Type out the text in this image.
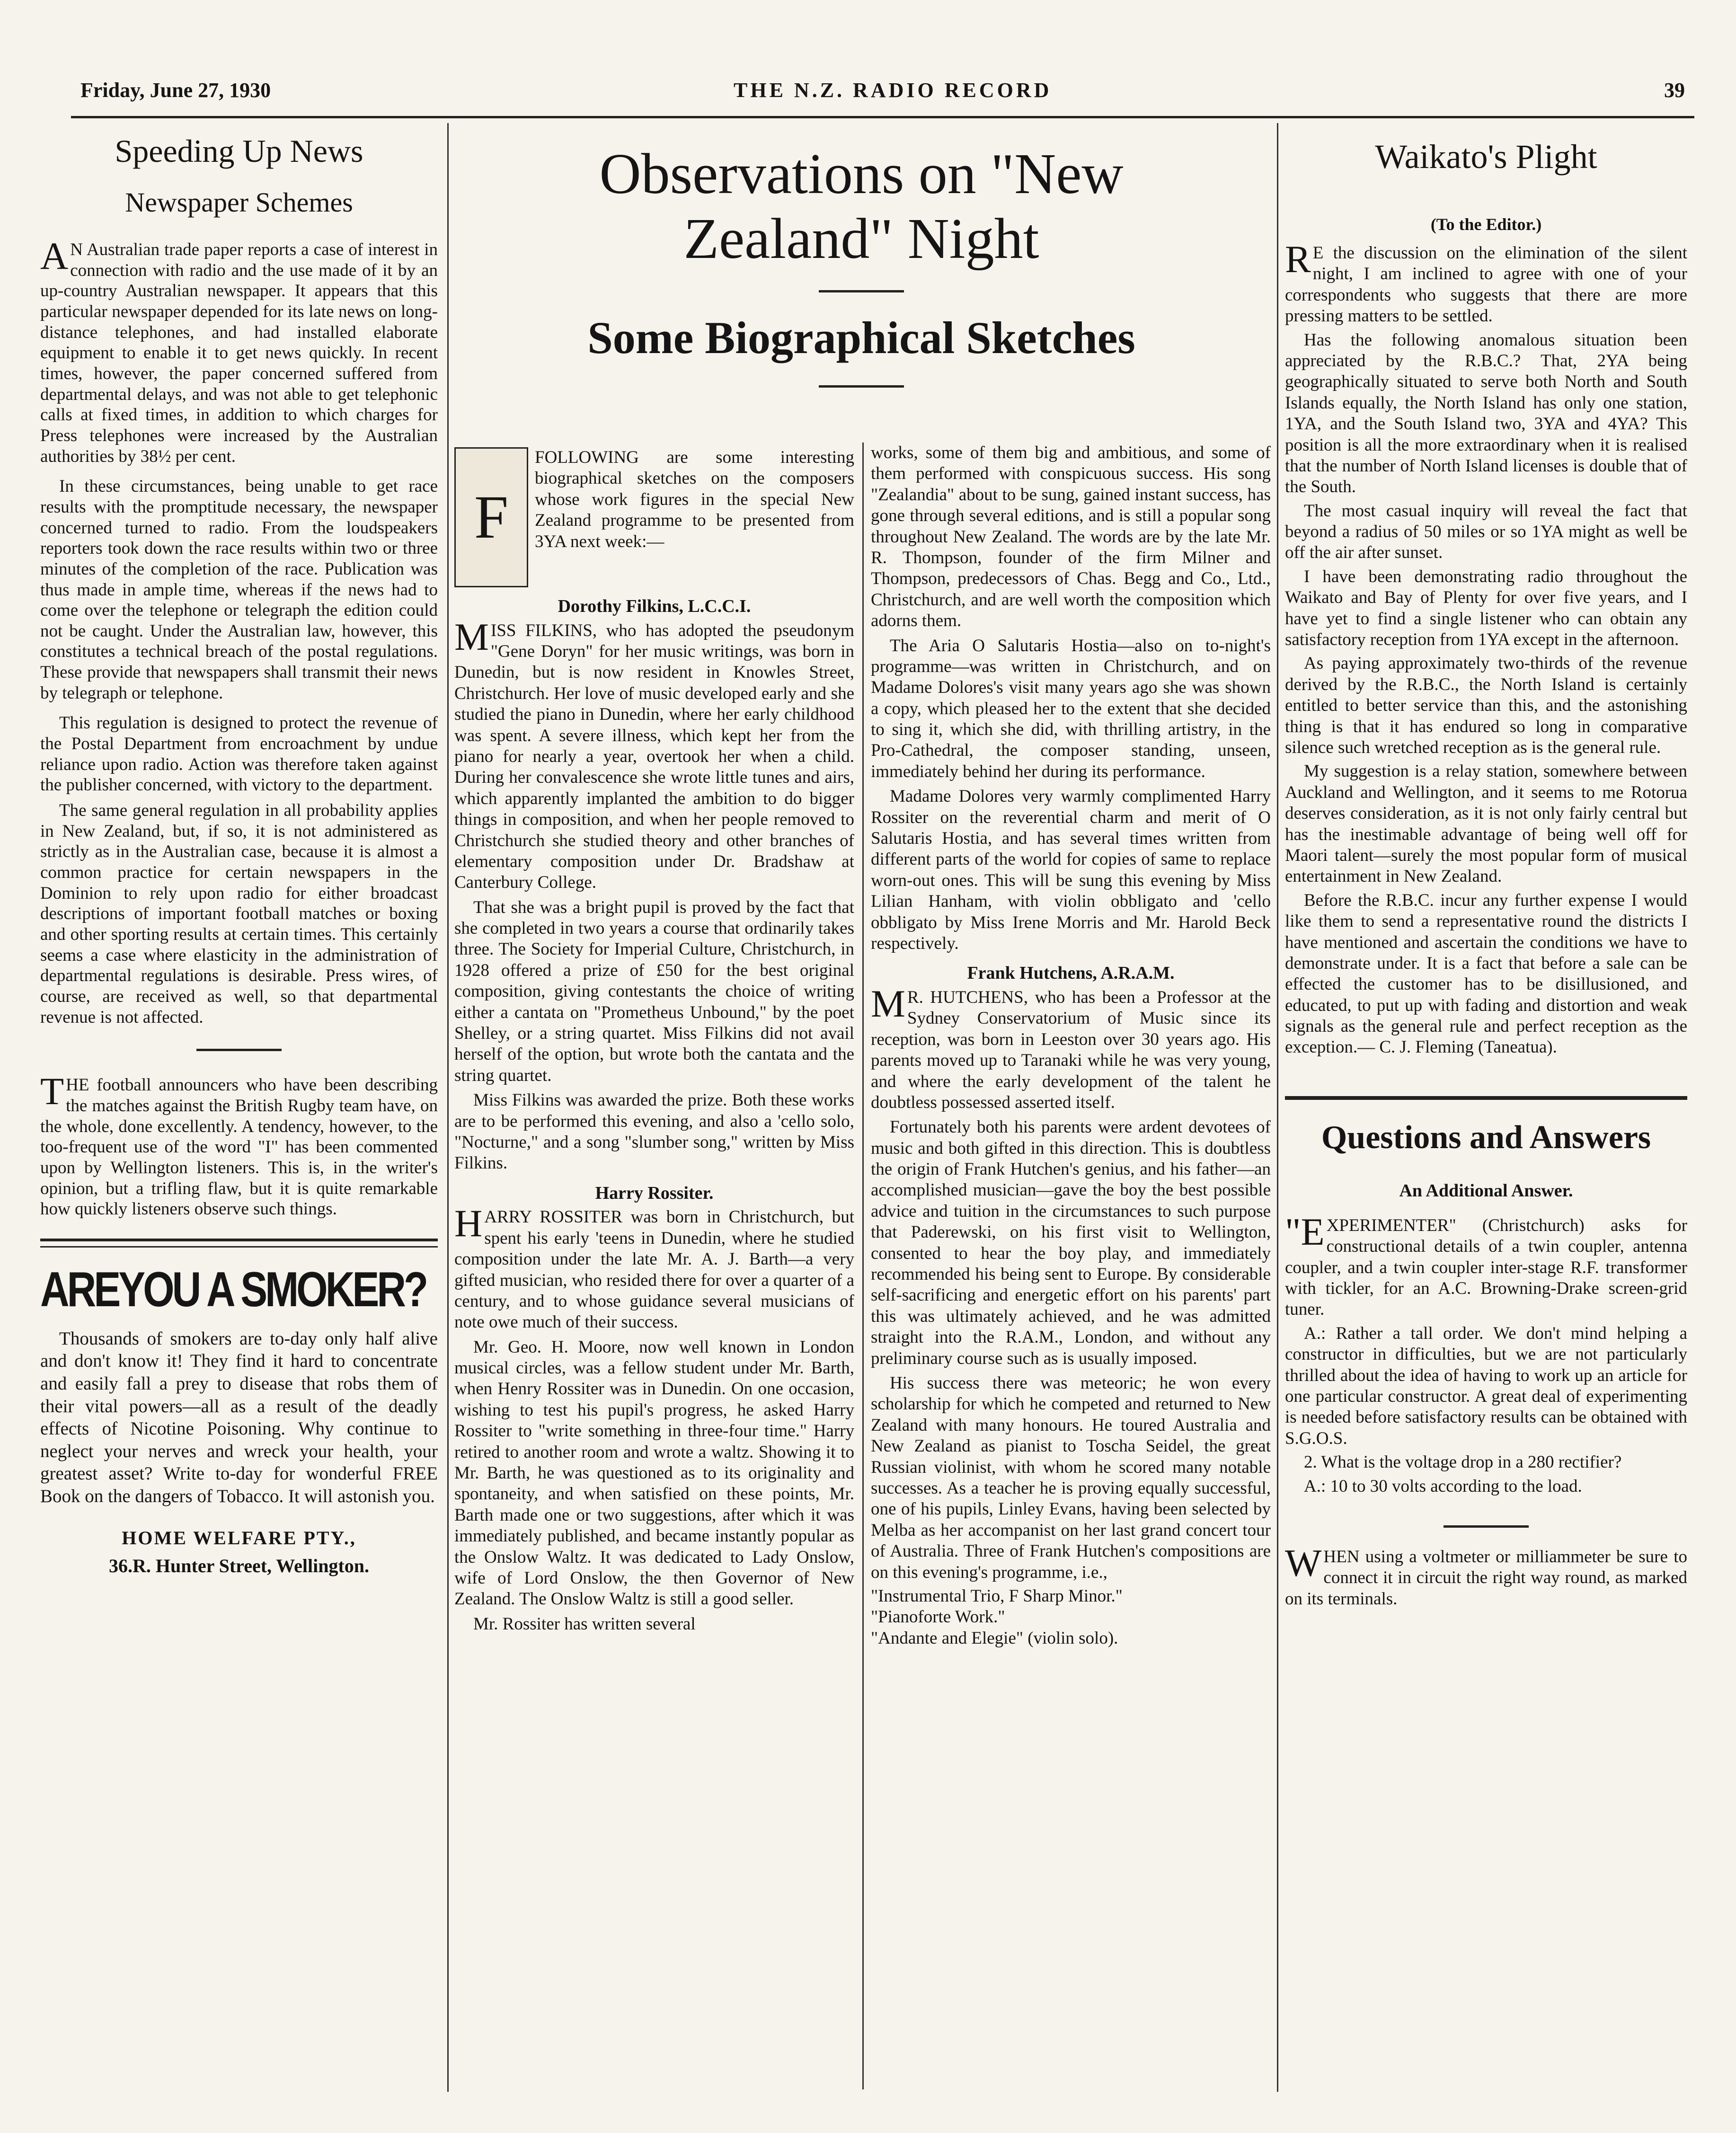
Friday, June 27, 1930	THE N.Z. RADIO RECORD	39
Speeding Up News
Newspaper Schemes

AN Australian trade paper reports a case of interest in connection with radio and the use made of it by an up-country Australian newspaper. It appears that this particular newspaper depended for its late news on long-distance telephones, and had installed elaborate equipment to enable it to get news quickly. In recent times, however, the paper concerned suffered from departmental delays, and was not able to get telephonic calls at fixed times, in addition to which charges for Press telephones were increased by the Australian authorities by 38½ per cent.

In these circumstances, being unable to get race results with the promptitude necessary, the newspaper concerned turned to radio. From the loudspeakers reporters took down the race results within two or three minutes of the completion of the race. Publication was thus made in ample time, whereas if the news had to come over the telephone or telegraph the edition could not be caught. Under the Australian law, however, this constitutes a technical breach of the postal regulations. These provide that newspapers shall transmit their news by telegraph or telephone.

This regulation is designed to protect the revenue of the Postal Department from encroachment by undue reliance upon radio. Action was therefore taken against the publisher concerned, with victory to the department.

The same general regulation in all probability applies in New Zealand, but, if so, it is not administered as strictly as in the Australian case, because it is almost a common practice for certain newspapers in the Dominion to rely upon radio for either broadcast descriptions of important football matches or boxing and other sporting results at certain times. This certainly seems a case where elasticity in the administration of departmental regulations is desirable. Press wires, of course, are received as well, so that departmental revenue is not affected.

THE football announcers who have been describing the matches against the British Rugby team have, on the whole, done excellently. A tendency, however, to the too-frequent use of the word "I" has been commented upon by Wellington listeners. This is, in the writer's opinion, but a trifling flaw, but it is quite remarkable how quickly listeners observe such things.

AREYOU A SMOKER?

Thousands of smokers are to-day only half alive and don't know it! They find it hard to concentrate and easily fall a prey to disease that robs them of their vital powers—all as a result of the deadly effects of Nicotine Poisoning. Why continue to neglect your nerves and wreck your health, your greatest asset? Write to-day for wonderful FREE Book on the dangers of Tobacco. It will astonish you.

HOME WELFARE PTY.,
36.R. Hunter Street, Wellington.
Observations on "New
Zealand" Night
Some Biographical Sketches
F

FOLLOWING are some interesting biographical sketches on the composers whose work figures in the special New Zealand programme to be presented from 3YA next week:—

Dorothy Filkins, L.C.C.I.

MISS FILKINS, who has adopted the pseudonym "Gene Doryn" for her music writings, was born in Dunedin, but is now resident in Knowles Street, Christchurch. Her love of music developed early and she studied the piano in Dunedin, where her early childhood was spent. A severe illness, which kept her from the piano for nearly a year, overtook her when a child. During her convalescence she wrote little tunes and airs, which apparently implanted the ambition to do bigger things in composition, and when her people removed to Christchurch she studied theory and other branches of elementary composition under Dr. Bradshaw at Canterbury College.

That she was a bright pupil is proved by the fact that she completed in two years a course that ordinarily takes three. The Society for Imperial Culture, Christchurch, in 1928 offered a prize of £50 for the best original composition, giving contestants the choice of writing either a cantata on "Prometheus Unbound," by the poet Shelley, or a string quartet. Miss Filkins did not avail herself of the option, but wrote both the cantata and the string quartet.

Miss Filkins was awarded the prize. Both these works are to be performed this evening, and also a 'cello solo, "Nocturne," and a song "slumber song," written by Miss Filkins.

Harry Rossiter.

HARRY ROSSITER was born in Christchurch, but spent his early 'teens in Dunedin, where he studied composition under the late Mr. A. J. Barth—a very gifted musician, who resided there for over a quarter of a century, and to whose guidance several musicians of note owe much of their success.

Mr. Geo. H. Moore, now well known in London musical circles, was a fellow student under Mr. Barth, when Henry Rossiter was in Dunedin. On one occasion, wishing to test his pupil's progress, he asked Harry Rossiter to "write something in three-four time." Harry retired to another room and wrote a waltz. Showing it to Mr. Barth, he was questioned as to its originality and spontaneity, and when satisfied on these points, Mr. Barth made one or two suggestions, after which it was immediately published, and became instantly popular as the Onslow Waltz. It was dedicated to Lady Onslow, wife of Lord Onslow, the then Governor of New Zealand. The Onslow Waltz is still a good seller.

Mr. Rossiter has written several

works, some of them big and ambitious, and some of them performed with conspicuous success. His song "Zealandia" about to be sung, gained instant success, has gone through several editions, and is still a popular song throughout New Zealand. The words are by the late Mr. R. Thompson, founder of the firm Milner and Thompson, predecessors of Chas. Begg and Co., Ltd., Christchurch, and are well worth the composition which adorns them.

The Aria O Salutaris Hostia—also on to-night's programme—was written in Christchurch, and on Madame Dolores's visit many years ago she was shown a copy, which pleased her to the extent that she decided to sing it, which she did, with thrilling artistry, in the Pro-Cathedral, the composer standing, unseen, immediately behind her during its performance.

Madame Dolores very warmly complimented Harry Rossiter on the reverential charm and merit of O Salutaris Hostia, and has several times written from different parts of the world for copies of same to replace worn-out ones. This will be sung this evening by Miss Lilian Hanham, with violin obbligato and 'cello obbligato by Miss Irene Morris and Mr. Harold Beck respectively.

Frank Hutchens, A.R.A.M.

MR. HUTCHENS, who has been a Professor at the Sydney Conservatorium of Music since its reception, was born in Leeston over 30 years ago. His parents moved up to Taranaki while he was very young, and where the early development of the talent he doubtless possessed asserted itself.

Fortunately both his parents were ardent devotees of music and both gifted in this direction. This is doubtless the origin of Frank Hutchen's genius, and his father—an accomplished musician—gave the boy the best possible advice and tuition in the circumstances to such purpose that Paderewski, on his first visit to Wellington, consented to hear the boy play, and immediately recommended his being sent to Europe. By considerable self-sacrificing and energetic effort on his parents' part this was ultimately achieved, and he was admitted straight into the R.A.M., London, and without any preliminary course such as is usually imposed.

His success there was meteoric; he won every scholarship for which he competed and returned to New Zealand with many honours. He toured Australia and New Zealand as pianist to Toscha Seidel, the great Russian violinist, with whom he scored many notable successes. As a teacher he is proving equally successful, one of his pupils, Linley Evans, having been selected by Melba as her accompanist on her last grand concert tour of Australia. Three of Frank Hutchen's compositions are on this evening's programme, i.e.,

"Instrumental Trio, F Sharp Minor."
"Pianoforte Work."
"Andante and Elegie" (violin solo).
Waikato's Plight
(To the Editor.)

RE the discussion on the elimination of the silent night, I am inclined to agree with one of your correspondents who suggests that there are more pressing matters to be settled.

Has the following anomalous situation been appreciated by the R.B.C.? That, 2YA being geographically situated to serve both North and South Islands equally, the North Island has only one station, 1YA, and the South Island two, 3YA and 4YA? This position is all the more extraordinary when it is realised that the number of North Island licenses is double that of the South.

The most casual inquiry will reveal the fact that beyond a radius of 50 miles or so 1YA might as well be off the air after sunset.

I have been demonstrating radio throughout the Waikato and Bay of Plenty for over five years, and I have yet to find a single listener who can obtain any satisfactory reception from 1YA except in the afternoon.

As paying approximately two-thirds of the revenue derived by the R.B.C., the North Island is certainly entitled to better service than this, and the astonishing thing is that it has endured so long in comparative silence such wretched reception as is the general rule.

My suggestion is a relay station, somewhere between Auckland and Wellington, and it seems to me Rotorua deserves consideration, as it is not only fairly central but has the inestimable advantage of being well off for Maori talent—surely the most popular form of musical entertainment in New Zealand.

Before the R.B.C. incur any further expense I would like them to send a representative round the districts I have mentioned and ascertain the conditions we have to demonstrate under. It is a fact that before a sale can be effected the customer has to be disillusioned, and educated, to put up with fading and distortion and weak signals as the general rule and perfect reception as the exception.— C. J. Fleming (Taneatua).

Questions and Answers
An Additional Answer.

"EXPERIMENTER" (Christchurch) asks for constructional details of a twin coupler, antenna coupler, and a twin coupler inter-stage R.F. transformer with tickler, for an A.C. Browning-Drake screen-grid tuner.

A.: Rather a tall order. We don't mind helping a constructor in difficulties, but we are not particularly thrilled about the idea of having to work up an article for one particular constructor. A great deal of experimenting is needed before satisfactory results can be obtained with S.G.O.S.

2. What is the voltage drop in a 280 rectifier?

A.: 10 to 30 volts according to the load.

WHEN using a voltmeter or milliammeter be sure to connect it in circuit the right way round, as marked on its terminals.
